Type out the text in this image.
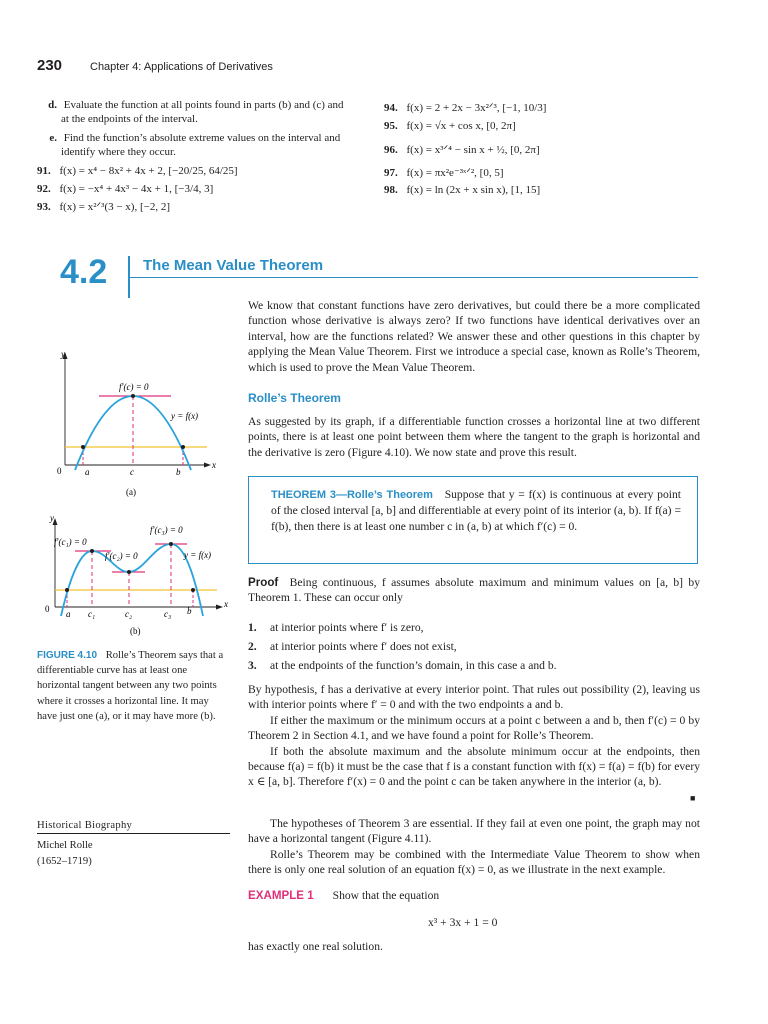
230	Chapter 4: Applications of Derivatives
d. Evaluate the function at all points found in parts (b) and (c) and
at the endpoints of the interval.
e. Find the function’s absolute extreme values on the interval and
identify where they occur.
91. f(x) = x⁴ − 8x² + 4x + 2, [−20/25, 64/25]
92. f(x) = −x⁴ + 4x³ − 4x + 1, [−3/4, 3]
93. f(x) = x²ᐟ³(3 − x), [−2, 2]
94. f(x) = 2 + 2x − 3x²ᐟ³, [−1, 10/3]
95. f(x) = √x + cos x, [0, 2π]
96. f(x) = x³ᐟ⁴ − sin x + ½, [0, 2π]
97. f(x) = πx²e⁻³ˣᐟ², [0, 5]
98. f(x) = ln (2x + x sin x), [1, 15]
4.2 The Mean Value Theorem

We know that constant functions have zero derivatives, but could there be a more complicated function whose derivative is always zero? If two functions have identical derivatives over an interval, how are the functions related? We answer these and other questions in this chapter by applying the Mean Value Theorem. First we introduce a special case, known as Rolle’s Theorem, which is used to prove the Mean Value Theorem.

Rolle’s Theorem

As suggested by its graph, if a differentiable function crosses a horizontal line at two different points, there is at least one point between them where the tangent to the graph is horizontal and the derivative is zero (Figure 4.10). We now state and prove this result.

THEOREM 3—Rolle’s Theorem Suppose that y = f(x) is continuous at every point of the closed interval [a, b] and differentiable at every point of its interior (a, b). If f(a) = f(b), then there is at least one number c in (a, b) at which f′(c) = 0.

Proof Being continuous, f assumes absolute maximum and minimum values on [a, b] by Theorem 1. These can occur only

1. at interior points where f′ is zero,
2. at interior points where f′ does not exist,
3. at the endpoints of the function’s domain, in this case a and b.

By hypothesis, f has a derivative at every interior point. That rules out possibility (2), leaving us with interior points where f′ = 0 and with the two endpoints a and b.

If either the maximum or the minimum occurs at a point c between a and b, then f′(c) = 0 by Theorem 2 in Section 4.1, and we have found a point for Rolle’s Theorem.

If both the absolute maximum and the absolute minimum occur at the endpoints, then because f(a) = f(b) it must be the case that f is a constant function with f(x) = f(a) = f(b) for every x ∈ [a, b]. Therefore f′(x) = 0 and the point c can be taken anywhere in the interior (a, b).

■

The hypotheses of Theorem 3 are essential. If they fail at even one point, the graph may not have a horizontal tangent (Figure 4.11).

Rolle’s Theorem may be combined with the Intermediate Value Theorem to show when there is only one real solution of an equation f(x) = 0, as we illustrate in the next example.

EXAMPLE 1 Show that the equation
x³ + 3x + 1 = 0
has exactly one real solution.
y
x
0
f′(c) = 0
y = f(x)
a	c	b
(a)
y
x
0
f′(c₁) = 0
f′(c₂) = 0
f′(c₃) = 0
y = f(x)
a c₁	c₂	c₃ b
(b)

FIGURE 4.10 Rolle’s Theorem says that a differentiable curve has at least one horizontal tangent between any two points where it crosses a horizontal line. It may have just one (a), or it may have more (b).

Historical Biography
Michel Rolle
(1652–1719)
